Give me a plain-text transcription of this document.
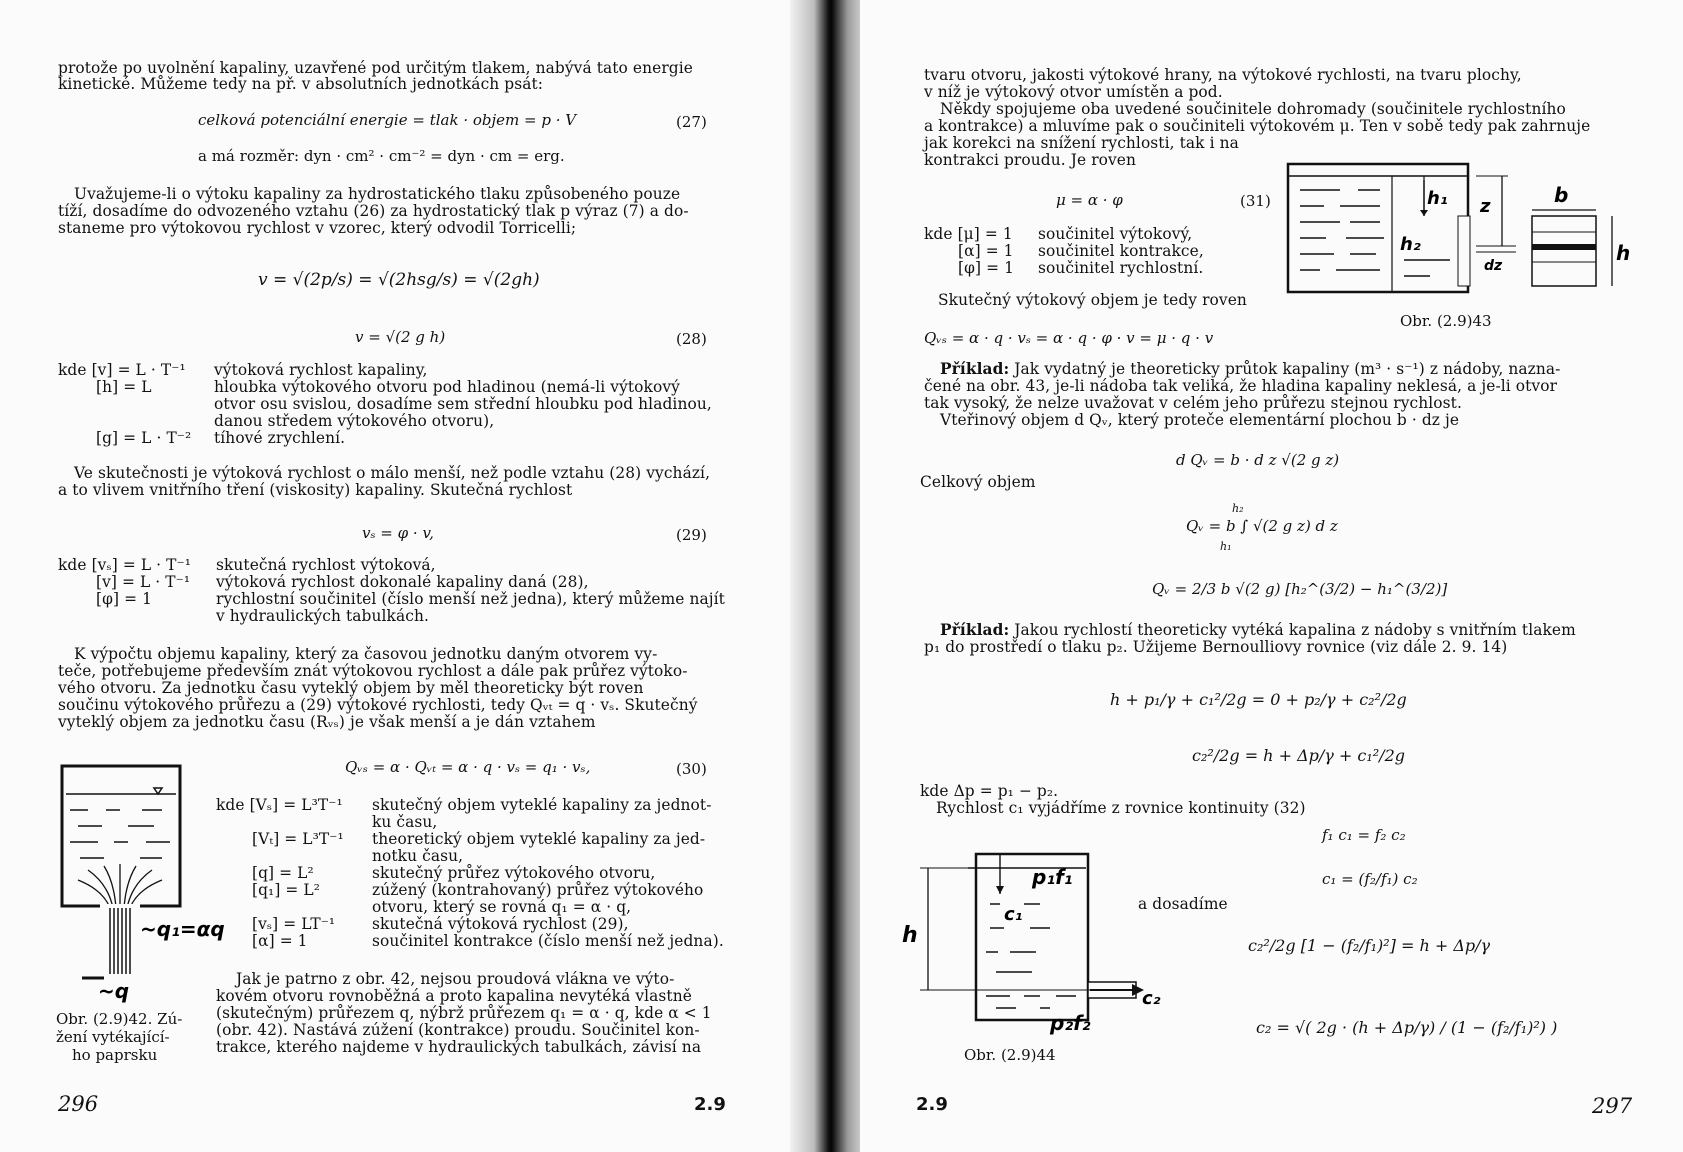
protože po uvolnění kapaliny, uzavřené pod určitým tlakem, nabývá tato energie
kinetické. Můžeme tedy na př. v absolutních jednotkách psát:
celková potenciální energie = tlak · objem = p · V	(27)
a má rozměr: dyn · cm² · cm⁻² = dyn · cm = erg.
Uvažujeme-li o výtoku kapaliny za hydrostatického tlaku způsobeného pouze
tíží, dosadíme do odvozeného vztahu (26) za hydrostatický tlak p výraz (7) a do-
staneme pro výtokovou rychlost v vzorec, který odvodil Torricelli;
v = √(2p/s) = √(2hsg/s) = √(2gh)
v = √(2 g h)	(28)
kde [v] = L · T⁻¹ výtoková rychlost kapaliny,
[h] = L	hloubka výtokového otvoru pod hladinou (nemá-li výtokový
otvor osu svislou, dosadíme sem střední hloubku pod hladinou,
danou středem výtokového otvoru),
[g] = L · T⁻² tíhové zrychlení.
Ve skutečnosti je výtoková rychlost o málo menší, než podle vztahu (28) vychází,
a to vlivem vnitřního tření (viskosity) kapaliny. Skutečná rychlost
vₛ = φ · v,	(29)
kde [vₛ] = L · T⁻¹ skutečná rychlost výtoková,
[v] = L · T⁻¹ výtoková rychlost dokonalé kapaliny daná (28),
[φ] = 1	rychlostní součinitel (číslo menší než jedna), který můžeme najít
v hydraulických tabulkách.
K výpočtu objemu kapaliny, který za časovou jednotku daným otvorem vy-
teče, potřebujeme především znát výtokovou rychlost a dále pak průřez výtoko-
vého otvoru. Za jednotku času vyteklý objem by měl theoreticky být roven
součinu výtokového průřezu a (29) výtokové rychlosti, tedy Qᵥₜ = q · vₛ. Skutečný
vyteklý objem za jednotku času (Rᵥₛ) je však menší a je dán vztahem
Qᵥₛ = α · Qᵥₜ = α · q · vₛ = q₁ · vₛ,	(30)
kde [Vₛ] = L³T⁻¹ skutečný objem vyteklé kapaliny za jednot-
ku času,
[Vₜ] = L³T⁻¹ theoretický objem vyteklé kapaliny za jed-
notku času,
[q] = L²	skutečný průřez výtokového otvoru,
[q₁] = L²	zúžený (kontrahovaný) průřez výtokového
otvoru, který se rovná q₁ = α · q,
[vₛ] = LT⁻¹ skutečná výtoková rychlost (29),
[α] = 1	součinitel kontrakce (číslo menší než jedna).
Jak je patrno z obr. 42, nejsou proudová vlákna ve výto-
kovém otvoru rovnoběžná a proto kapalina nevytéká vlastně
(skutečným) průřezem q, nýbrž průřezem q₁ = α · q, kde α < 1
(obr. 42). Nastává zúžení (kontrakce) proudu. Součinitel kon-
trakce, kterého najdeme v hydraulických tabulkách, závisí na
~q₁=αq
~q
Obr. (2.9)42. Zú-
žení vytékající-
ho paprsku
296	2.9
tvaru otvoru, jakosti výtokové hrany, na výtokové rychlosti, na tvaru plochy,
v níž je výtokový otvor umístěn a pod.
Někdy spojujeme oba uvedené součinitele dohromady (součinitele rychlostního
a kontrakce) a mluvíme pak o součiniteli výtokovém μ. Ten v sobě tedy pak zahrnuje
jak korekci na snížení rychlosti, tak i na
kontrakci proudu. Je roven
μ = α · φ	(31)
kde [μ] = 1 součinitel výtokový,
[α] = 1 součinitel kontrakce,
[φ] = 1 součinitel rychlostní.
Skutečný výtokový objem je tedy roven
Qᵥₛ = α · q · vₛ = α · q · φ · v = μ · q · v
h₁
h₂
z
dz
b
h
Obr. (2.9)43
Příklad: Jak vydatný je theoreticky průtok kapaliny (m³ · s⁻¹) z nádoby, nazna-
čené na obr. 43, je-li nádoba tak veliká, že hladina kapaliny neklesá, a je-li otvor
tak vysoký, že nelze uvažovat v celém jeho průřezu stejnou rychlost.
Vteřinový objem d Qᵥ, který proteče elementární plochou b · dz je
d Qᵥ = b · d z √(2 g z)
Celkový objem
Qᵥ = b ∫ √(2 g z) d z
h₂
h₁
Qᵥ = 2/3 b √(2 g) [h₂^(3/2) − h₁^(3/2)]
Příklad: Jakou rychlostí theoreticky vytéká kapalina z nádoby s vnitřním tlakem
p₁ do prostředí o tlaku p₂. Užijeme Bernoulliovy rovnice (viz dále 2. 9. 14)
h + p₁/γ + c₁²/2g = 0 + p₂/γ + c₂²/2g
c₂²/2g = h + Δp/γ + c₁²/2g
kde Δp = p₁ − p₂.
Rychlost c₁ vyjádříme z rovnice kontinuity (32)
f₁ c₁ = f₂ c₂
c₁ = (f₂/f₁) c₂
a dosadíme
c₂²/2g [1 − (f₂/f₁)²] = h + Δp/γ
c₂ = √( 2g · (h + Δp/γ) / (1 − (f₂/f₁)²) )
p₁f₁
c₁
c₂
h
p₂f₂
Obr. (2.9)44
2.9	297
